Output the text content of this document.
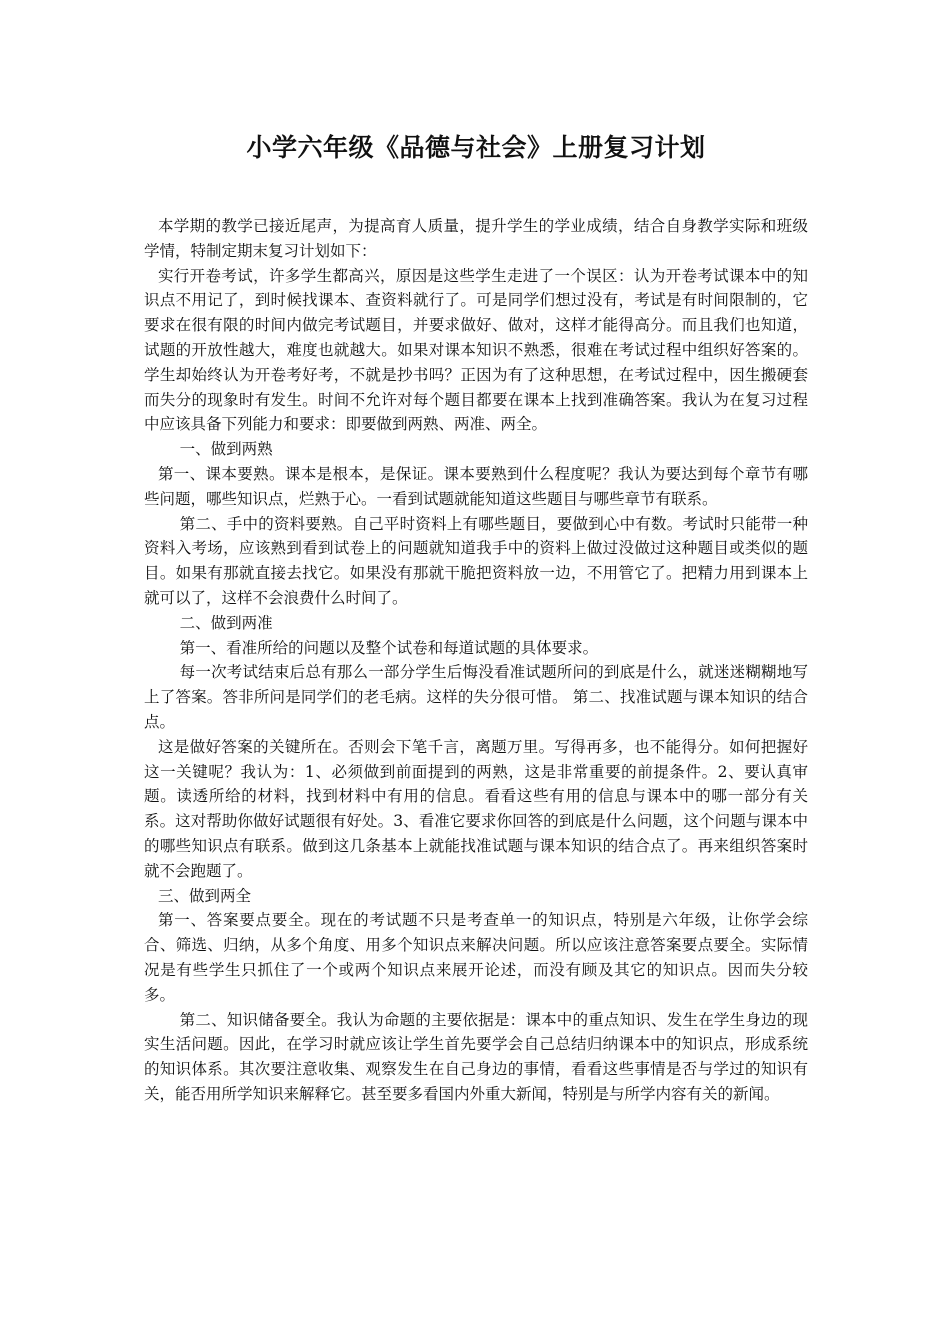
小学六年级《品德与社会》上册复习计划

本学期的教学已接近尾声，为提高育人质量，提升学生的学业成绩，结合自身教学实际和班级学情，特制定期末复习计划如下：

实行开卷考试，许多学生都高兴，原因是这些学生走进了一个误区：认为开卷考试课本中的知识点不用记了，到时候找课本、查资料就行了。可是同学们想过没有，考试是有时间限制的，它要求在很有限的时间内做完考试题目，并要求做好、做对，这样才能得高分。而且我们也知道，试题的开放性越大，难度也就越大。如果对课本知识不熟悉，很难在考试过程中组织好答案的。学生却始终认为开卷考好考，不就是抄书吗？正因为有了这种思想，在考试过程中，因生搬硬套而失分的现象时有发生。时间不允许对每个题目都要在课本上找到准确答案。我认为在复习过程中应该具备下列能力和要求：即要做到两熟、两准、两全。

一、做到两熟

第一、课本要熟。课本是根本，是保证。课本要熟到什么程度呢？我认为要达到每个章节有哪些问题，哪些知识点，烂熟于心。一看到试题就能知道这些题目与哪些章节有联系。

第二、手中的资料要熟。自己平时资料上有哪些题目，要做到心中有数。考试时只能带一种资料入考场，应该熟到看到试卷上的问题就知道我手中的资料上做过没做过这种题目或类似的题目。如果有那就直接去找它。如果没有那就干脆把资料放一边，不用管它了。把精力用到课本上就可以了，这样不会浪费什么时间了。

二、做到两准

第一、看准所给的问题以及整个试卷和每道试题的具体要求。

每一次考试结束后总有那么一部分学生后悔没看准试题所问的到底是什么，就迷迷糊糊地写上了答案。答非所问是同学们的老毛病。这样的失分很可惜。 第二、找准试题与课本知识的结合点。

这是做好答案的关键所在。否则会下笔千言，离题万里。写得再多，也不能得分。如何把握好这一关键呢？我认为：1、必须做到前面提到的两熟，这是非常重要的前提条件。2、要认真审题。读透所给的材料，找到材料中有用的信息。看看这些有用的信息与课本中的哪一部分有关系。这对帮助你做好试题很有好处。3、看准它要求你回答的到底是什么问题，这个问题与课本中的哪些知识点有联系。做到这几条基本上就能找准试题与课本知识的结合点了。再来组织答案时就不会跑题了。

三、做到两全

第一、答案要点要全。现在的考试题不只是考查单一的知识点，特别是六年级，让你学会综合、筛选、归纳，从多个角度、用多个知识点来解决问题。所以应该注意答案要点要全。实际情况是有些学生只抓住了一个或两个知识点来展开论述，而没有顾及其它的知识点。因而失分较多。

第二、知识储备要全。我认为命题的主要依据是：课本中的重点知识、发生在学生身边的现实生活问题。因此，在学习时就应该让学生首先要学会自己总结归纳课本中的知识点，形成系统的知识体系。其次要注意收集、观察发生在自己身边的事情，看看这些事情是否与学过的知识有关，能否用所学知识来解释它。甚至要多看国内外重大新闻，特别是与所学内容有关的新闻。
